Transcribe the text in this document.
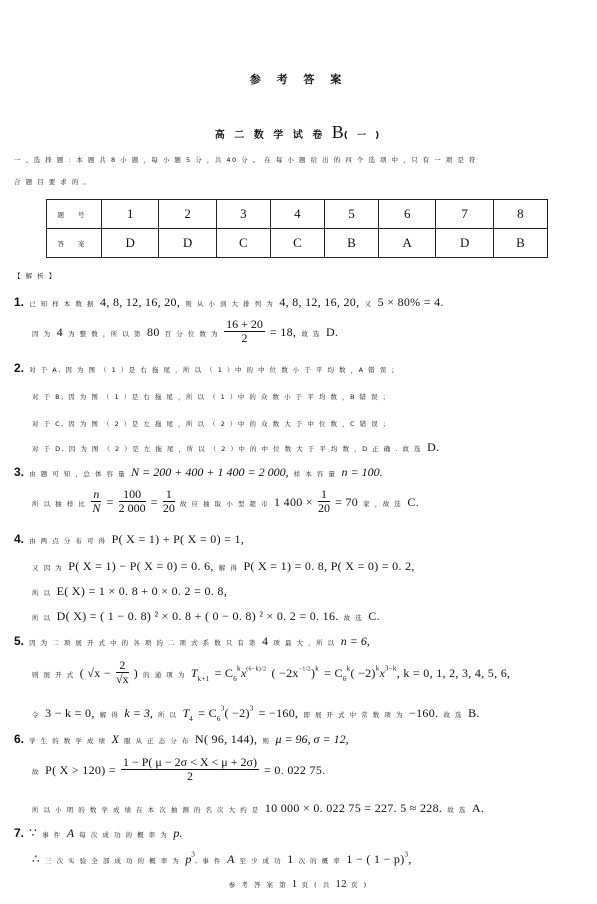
参 考 答 案
高 二 数 学 试 卷 B( 一 )
一 、选 择 题 ：本 题 共 8 小 题 ，每 小 题 5 分 ，共 40 分 。 在 每 小 题 给 出 的 四 个 选 项 中 ，只 有 一 项 是 符
合 题 目 要 求 的 。
题 号	1	2	3	4	5	6	7	8
答 案	D	D	C	C	B	A	D	B
【 解 析 】
1. 已 知 样 本 数 据 4, 8, 12, 16, 20, 则 从 小 到 大 排 列 为 4, 8, 12, 16, 20, 又 5 × 80% = 4.
因 为 4 为 整 数 ，所 以 第 80 百 分 位 数 为 $\frac{16 + 20}{2} = 18$, 故 选 D.
2. 对 于 A, 因 为 图 （ 1 ）是 右 拖 尾 ，所 以 （ 1 ）中 的 中 位 数 小 于 平 均 数 ，A 错 误 ；
对 于 B, 因 为 图 （ 1 ）是 右 拖 尾 ，所 以 （ 1 ）中 的 众 数 小 于 平 均 数 ，B 错 误 ；
对 于 C, 因 为 图 （ 2 ）是 左 拖 尾 ，所 以 （ 2 ）中 的 众 数 大 于 中 位 数 ，C 错 误 ；
对 于 D, 因 为 图 （ 2 ）是 左 拖 尾 ，所 以 （ 2 ）中 的 中 位 数 大 于 平 均 数 ，D 正 确 . 故 选 D.
3. 由 题 可 知 ，总 体 容 量 N = 200 + 400 + 1 400 = 2 000, 样 本 容 量 n = 100.
所 以 抽 样 比 $\frac{n}{N} = \frac{100}{2 000} = \frac{1}{20}$ 故 应 抽 取 小 型 超 市 1 $400 \times \frac{1}{20} = 70$ 家 ，故 选 C.
4. 由 两 点 分 布 可 得 P( X = 1) + P( X = 0) = 1,
又 因 为 P( X = 1) − P( X = 0) = 0. 6, 解 得 P( X = 1) = 0. 8, P( X = 0) = 0. 2,
所 以 E( X) = 1 × 0. 8 + 0 × 0. 2 = 0. 8,
所 以 D( X) = ( 1 − 0. 8) ² × 0. 8 + ( 0 − 0. 8) ² × 0. 2 = 0. 16. 故 选 C.
5. 因 为 二 项 展 开 式 中 的 各 项 的 二 项 式 系 数 只 有 第 4 项 最 大 ，所 以 n = 6,
则 展 开 式 ( $√x - \frac{2}{√x}$ ) 的 通 项 为 $T_{k+1} = C_6^kx^{(6-k)/2}$ ( $-2x^{-1/2})^k = C_6^k( -2)^kx^{3-k}$, k = 0, 1, 2, 3, 4, 5, 6,
令 3 − k = 0, 解 得 k = 3, 所 以 $T_4 = C_6^3( -2)^3 = -160$, 即 展 开 式 中 常 数 项 为 −160. 故 选 B.
6. 学 生 的 数 学 成 绩 X 服 从 正 态 分 布 N( 96, 144), 则 μ = 96, σ = 12,
故 P( $X > 120) = \frac{1 - P( \mu - 2\sigma < X < \mu + 2\sigma)}{2} = 0$. 022 75.
所 以 小 明 的 数 学 成 绩 在 本 次 抽 测 的 名 次 大 约 是 10 000 × 0. 022 75 = 227. 5 ≈ 228. 故 选 A.
7. ∵ 事 件 A 每 次 成 功 的 概 率 为 p.
∴ 三 次 实 验 全 部 成 功 的 概 率 为 $p^3$, 事 件 A 至 少 成 功 1 次 的 概 率 1 − ( 1 − p)$^3$,
参 考 答 案 第 1 页 ( 共 12 页 )
